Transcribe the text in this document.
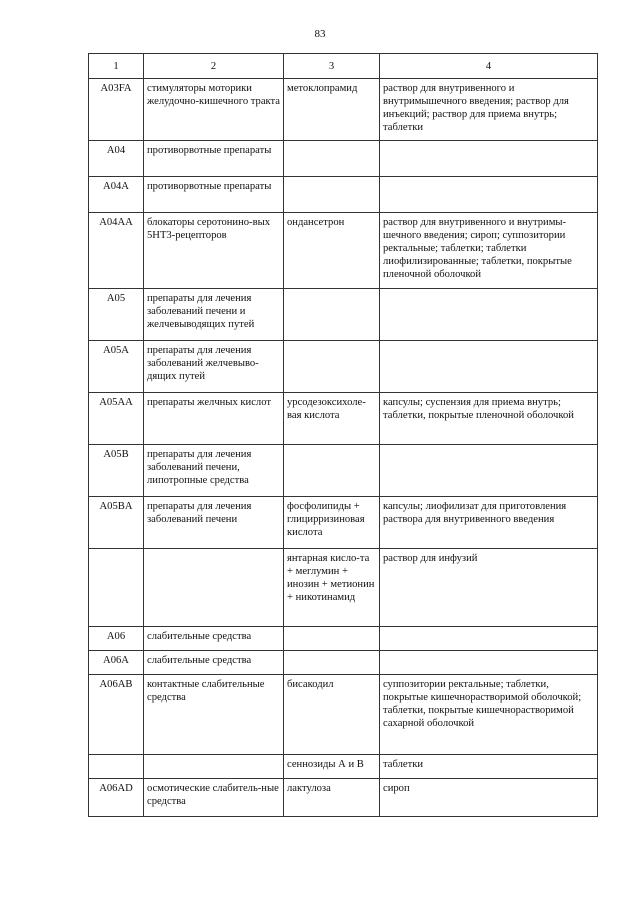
83
1	2	3	4
A03FA	стимуляторы моторики желудочно-кишечного тракта	метоклопрамид	раствор для внутривенного и внутримышечного введения; раствор для инъекций; раствор для приема внутрь; таблетки
A04	противорвотные препараты		
A04A	противорвотные препараты		
A04AA	блокаторы серотонино-вых 5НТ3-рецепторов	ондансетрон	раствор для внутривенного и внутримы-шечного введения; сироп; суппозитории ректальные; таблетки; таблетки лиофилизированные; таблетки, покрытые пленочной оболочкой
A05	препараты для лечения заболеваний печени и желчевыводящих путей		
A05A	препараты для лечения заболеваний желчевыво-дящих путей		
A05AA	препараты желчных кислот	урсодезоксихоле-вая кислота	капсулы; суспензия для приема внутрь; таблетки, покрытые пленочной оболочкой
A05B	препараты для лечения заболеваний печени, липотропные средства		
A05BA	препараты для лечения заболеваний печени	фосфолипиды + глицирризиновая кислота	капсулы; лиофилизат для приготовления раствора для внутривенного введения
		янтарная кисло-та + меглумин + инозин + метионин + никотинамид	раствор для инфузий
A06	слабительные средства		
A06A	слабительные средства		
A06AB	контактные слабительные средства	бисакодил	суппозитории ректальные; таблетки, покрытые кишечнорастворимой оболочкой; таблетки, покрытые кишечнорастворимой сахарной оболочкой
		сеннозиды А и В	таблетки
A06AD	осмотические слабитель-ные средства	лактулоза	сироп
